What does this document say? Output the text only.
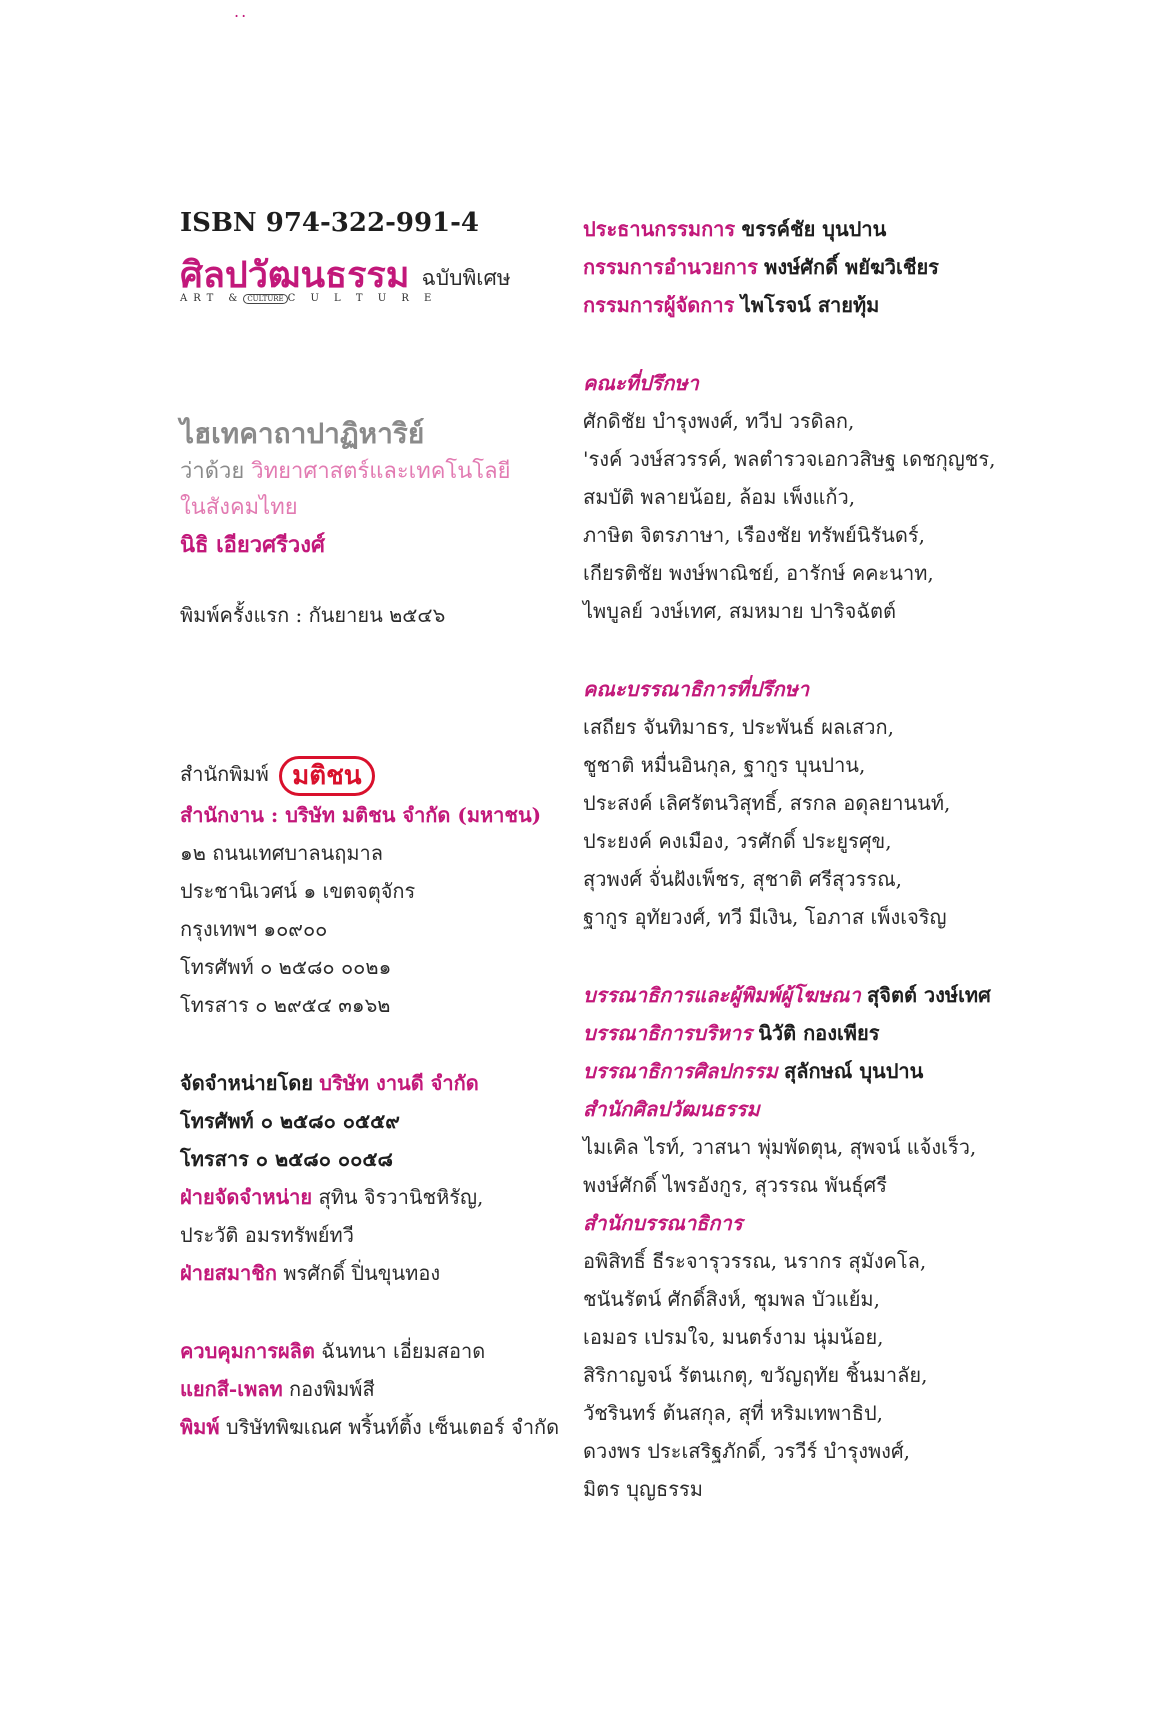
..
ISBN 974-322-991-4
ศิลปวัฒนธรรม ฉบับพิเศษ
ART & CULTURE C U L T U R E
ไฮเทคาถาปาฏิหาริย์
ว่าด้วย วิทยาศาสตร์และเทคโนโลยี
ในสังคมไทย
นิธิ เอียวศรีวงศ์
พิมพ์ครั้งแรก : กันยายน ๒๕๔๖
สำนักพิมพ์ มติชน
สำนักงาน : บริษัท มติชน จำกัด (มหาชน)
๑๒ ถนนเทศบาลนฤมาล
ประชานิเวศน์ ๑ เขตจตุจักร
กรุงเทพฯ ๑๐๙๐๐
โทรศัพท์ ๐ ๒๕๘๐ ๐๐๒๑
โทรสาร ๐ ๒๙๕๔ ๓๑๖๒
จัดจำหน่ายโดย บริษัท งานดี จำกัด
โทรศัพท์ ๐ ๒๕๘๐ ๐๕๕๙
โทรสาร ๐ ๒๕๘๐ ๐๐๕๘
ฝ่ายจัดจำหน่าย สุทิน จิรวานิชหิรัญ,
ประวัติ อมรทรัพย์ทวี
ฝ่ายสมาชิก พรศักดิ์ ปิ่นขุนทอง
ควบคุมการผลิต ฉันทนา เอี่ยมสอาด
แยกสี-เพลท กองพิมพ์สี
พิมพ์ บริษัทพิฆเณศ พริ้นท์ติ้ง เซ็นเตอร์ จำกัด
ประธานกรรมการ ขรรค์ชัย บุนปาน
กรรมการอำนวยการ พงษ์ศักดิ์ พยัฆวิเชียร
กรรมการผู้จัดการ ไพโรจน์ สายทุ้ม
คณะที่ปรึกษา
ศักดิชัย บำรุงพงศ์, ทวีป วรดิลก,
'รงค์ วงษ์สวรรค์, พลตำรวจเอกวสิษฐ เดชกุญชร,
สมบัติ พลายน้อย, ล้อม เพ็งแก้ว,
ภาษิต จิตรภาษา, เรืองชัย ทรัพย์นิรันดร์,
เกียรติชัย พงษ์พาณิชย์, อารักษ์ คคะนาท,
ไพบูลย์ วงษ์เทศ, สมหมาย ปาริจฉัตต์
คณะบรรณาธิการที่ปรึกษา
เสถียร จันทิมาธร, ประพันธ์ ผลเสวก,
ชูชาติ หมื่นอินกุล, ฐากูร บุนปาน,
ประสงค์ เลิศรัตนวิสุทธิ์, สรกล อดุลยานนท์,
ประยงค์ คงเมือง, วรศักดิ์ ประยูรศุข,
สุวพงศ์ จั่นฝังเพ็ชร, สุชาติ ศรีสุวรรณ,
ฐากูร อุทัยวงศ์, ทวี มีเงิน, โอภาส เพ็งเจริญ
บรรณาธิการและผู้พิมพ์ผู้โฆษณา สุจิตต์ วงษ์เทศ
บรรณาธิการบริหาร นิวัติ กองเพียร
บรรณาธิการศิลปกรรม สุลักษณ์ บุนปาน
สำนักศิลปวัฒนธรรม
ไมเคิล ไรท์, วาสนา พุ่มพัดตุน, สุพจน์ แจ้งเร็ว,
พงษ์ศักดิ์ ไพรอังกูร, สุวรรณ พันธุ์ศรี
สำนักบรรณาธิการ
อพิสิทธิ์ ธีระจารุวรรณ, นรากร สุมังคโล,
ชนันรัตน์ ศักดิ์สิงห์, ชุมพล บัวแย้ม,
เอมอร เปรมใจ, มนตร์งาม นุ่มน้อย,
สิริกาญจน์ รัตนเกตุ, ขวัญฤทัย ชิ้นมาลัย,
วัชรินทร์ ต้นสกุล, สุที่ หริมเทพาธิป,
ดวงพร ประเสริฐภักดิ์, วรวีร์ บำรุงพงศ์,
มิตร บุญธรรม
